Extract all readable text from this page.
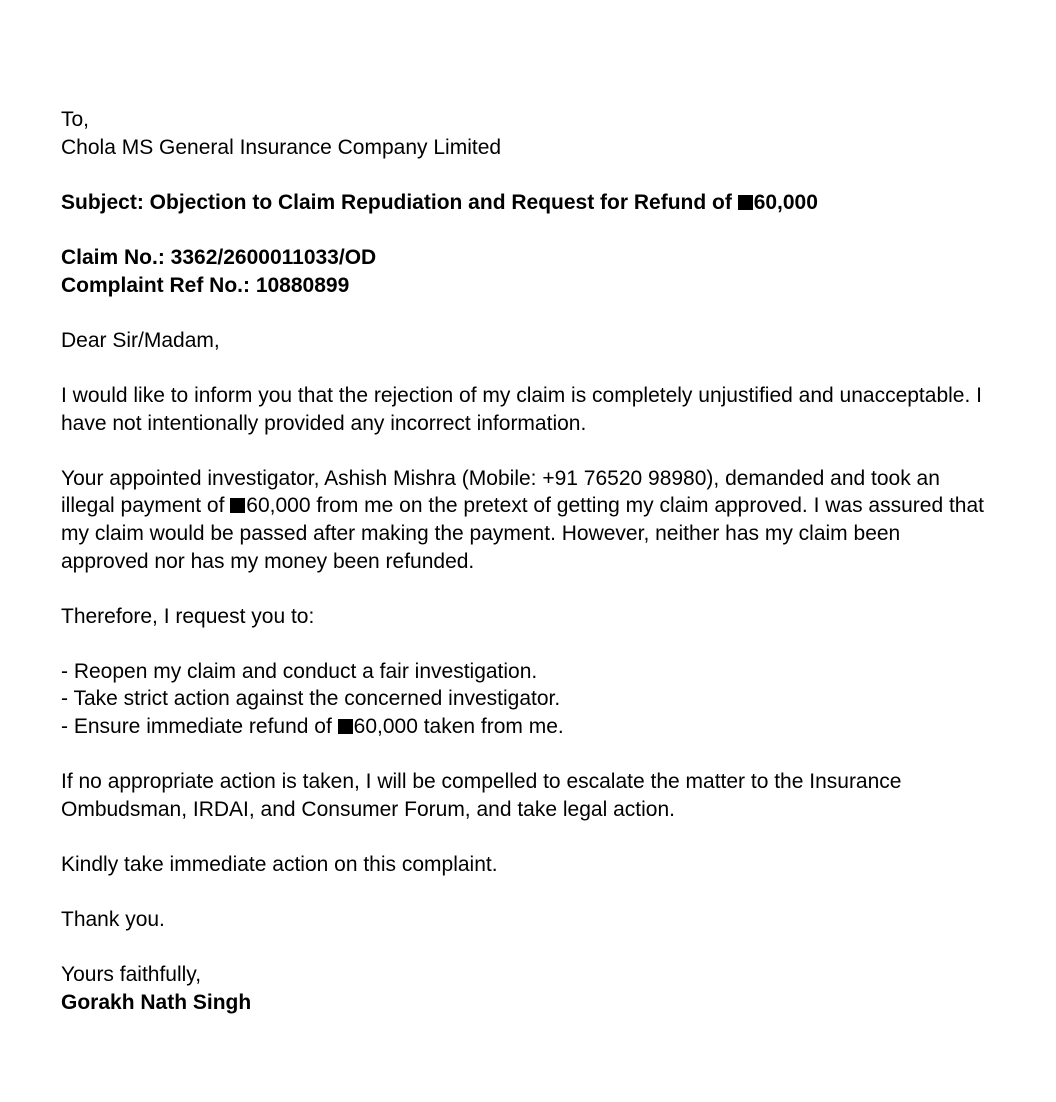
To,
Chola MS General Insurance Company Limited
Subject: Objection to Claim Repudiation and Request for Refund of 60,000
Claim No.: 3362/2600011033/OD
Complaint Ref No.: 10880899
Dear Sir/Madam,
I would like to inform you that the rejection of my claim is completely unjustified and unacceptable. I
have not intentionally provided any incorrect information.
Your appointed investigator, Ashish Mishra (Mobile: +91 76520 98980), demanded and took an
illegal payment of 60,000 from me on the pretext of getting my claim approved. I was assured that
my claim would be passed after making the payment. However, neither has my claim been
approved nor has my money been refunded.
Therefore, I request you to:
- Reopen my claim and conduct a fair investigation.
- Take strict action against the concerned investigator.
- Ensure immediate refund of 60,000 taken from me.
If no appropriate action is taken, I will be compelled to escalate the matter to the Insurance
Ombudsman, IRDAI, and Consumer Forum, and take legal action.
Kindly take immediate action on this complaint.
Thank you.
Yours faithfully,
Gorakh Nath Singh
